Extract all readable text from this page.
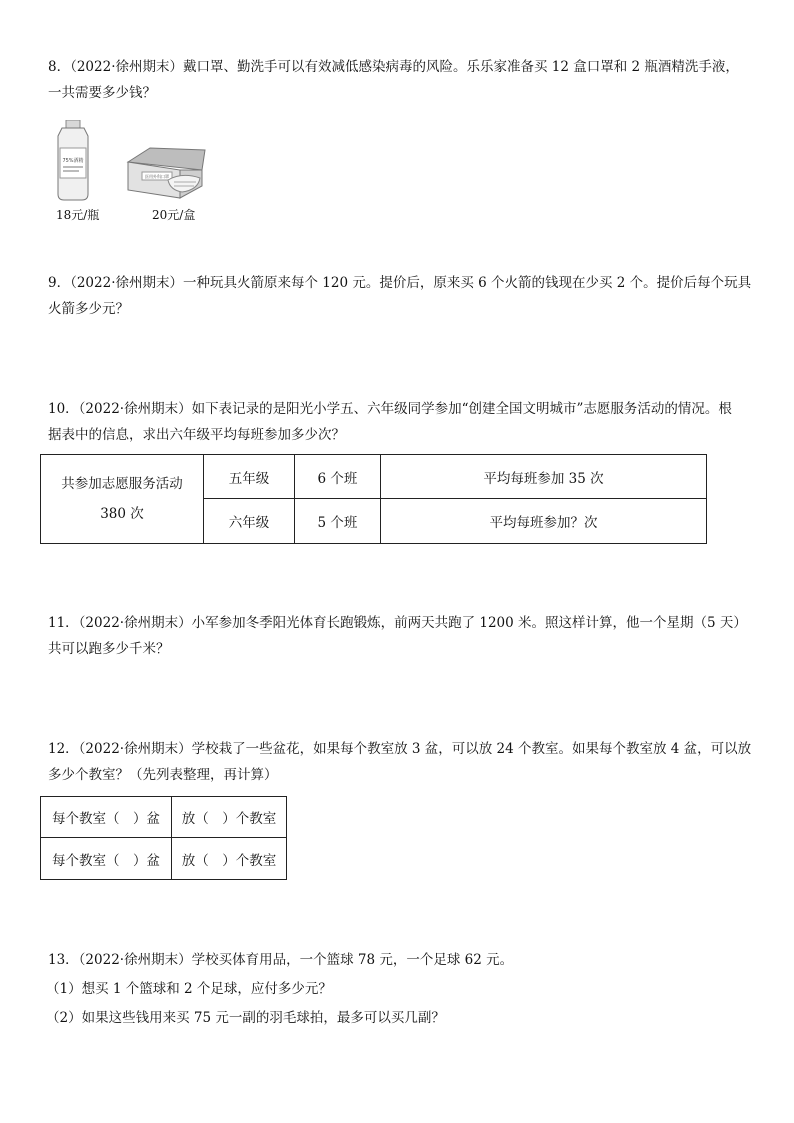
8．（2022·徐州期末）戴口罩、勤洗手可以有效减低感染病毒的风险。乐乐家准备买 12 盒口罩和 2 瓶酒精洗手液，

一共需要多少钱？

75%酒精
医用外科口罩
18元/瓶	20元/盒

9．（2022·徐州期末）一种玩具火箭原来每个 120 元。提价后，原来买 6 个火箭的钱现在少买 2 个。提价后每个玩具

火箭多少元？

10．（2022·徐州期末）如下表记录的是阳光小学五、六年级同学参加“创建全国文明城市”志愿服务活动的情况。根

据表中的信息，求出六年级平均每班参加多少次？

共参加志愿服务活动
380 次	五年级	6 个班	平均每班参加 35 次
	六年级	5 个班	平均每班参加？次

11．（2022·徐州期末）小军参加冬季阳光体育长跑锻炼，前两天共跑了 1200 米。照这样计算，他一个星期（5 天）

共可以跑多少千米？

12．（2022·徐州期末）学校栽了一些盆花，如果每个教室放 3 盆，可以放 24 个教室。如果每个教室放 4 盆，可以放

多少个教室？（先列表整理，再计算）

每个教室（　）盆	放（　）个教室
每个教室（　）盆	放（　）个教室

13．（2022·徐州期末）学校买体育用品，一个篮球 78 元，一个足球 62 元。

（1）想买 1 个篮球和 2 个足球，应付多少元？

（2）如果这些钱用来买 75 元一副的羽毛球拍，最多可以买几副？
